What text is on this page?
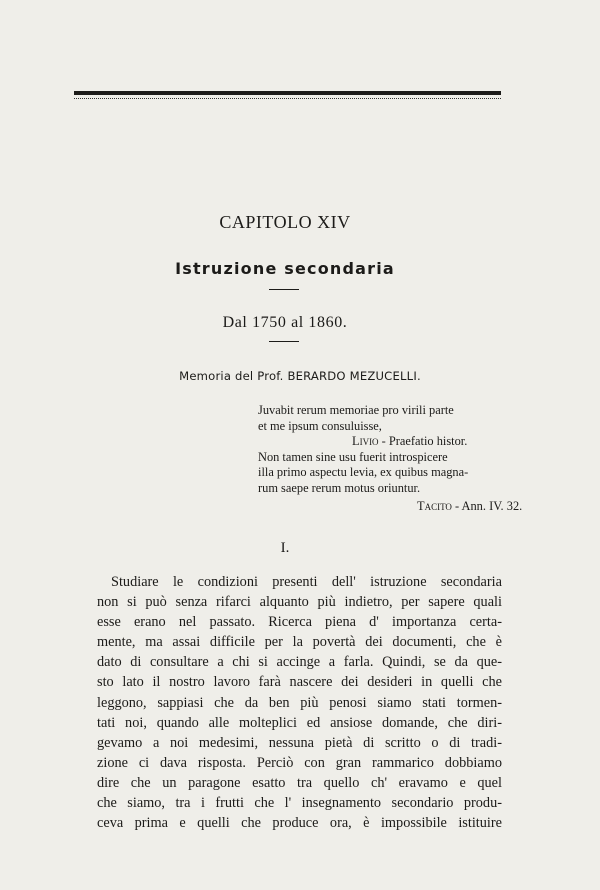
CAPITOLO XIV
Istruzione secondaria
Dal 1750 al 1860.
Memoria del Prof. BERARDO MEZUCELLI.
Juvabit rerum memoriae pro virili parte
et me ipsum consuluisse,
Livio - Praefatio histor.
Non tamen sine usu fuerit introspicere
illa primo aspectu levia, ex quibus magna-
rum saepe rerum motus oriuntur.
Tacito - Ann. IV. 32.
I.
Studiare le condizioni presenti dell' istruzione secondaria
non si può senza rifarci alquanto più indietro, per sapere quali
esse erano nel passato. Ricerca piena d' importanza certa-
mente, ma assai difficile per la povertà dei documenti, che è
dato di consultare a chi si accinge a farla. Quindi, se da que-
sto lato il nostro lavoro farà nascere dei desideri in quelli che
leggono, sappiasi che da ben più penosi siamo stati tormen-
tati noi, quando alle molteplici ed ansiose domande, che diri-
gevamo a noi medesimi, nessuna pietà di scritto o di tradi-
zione ci dava risposta. Perciò con gran rammarico dobbiamo
dire che un paragone esatto tra quello ch' eravamo e quel
che siamo, tra i frutti che l' insegnamento secondario produ-
ceva prima e quelli che produce ora, è impossibile istituire
